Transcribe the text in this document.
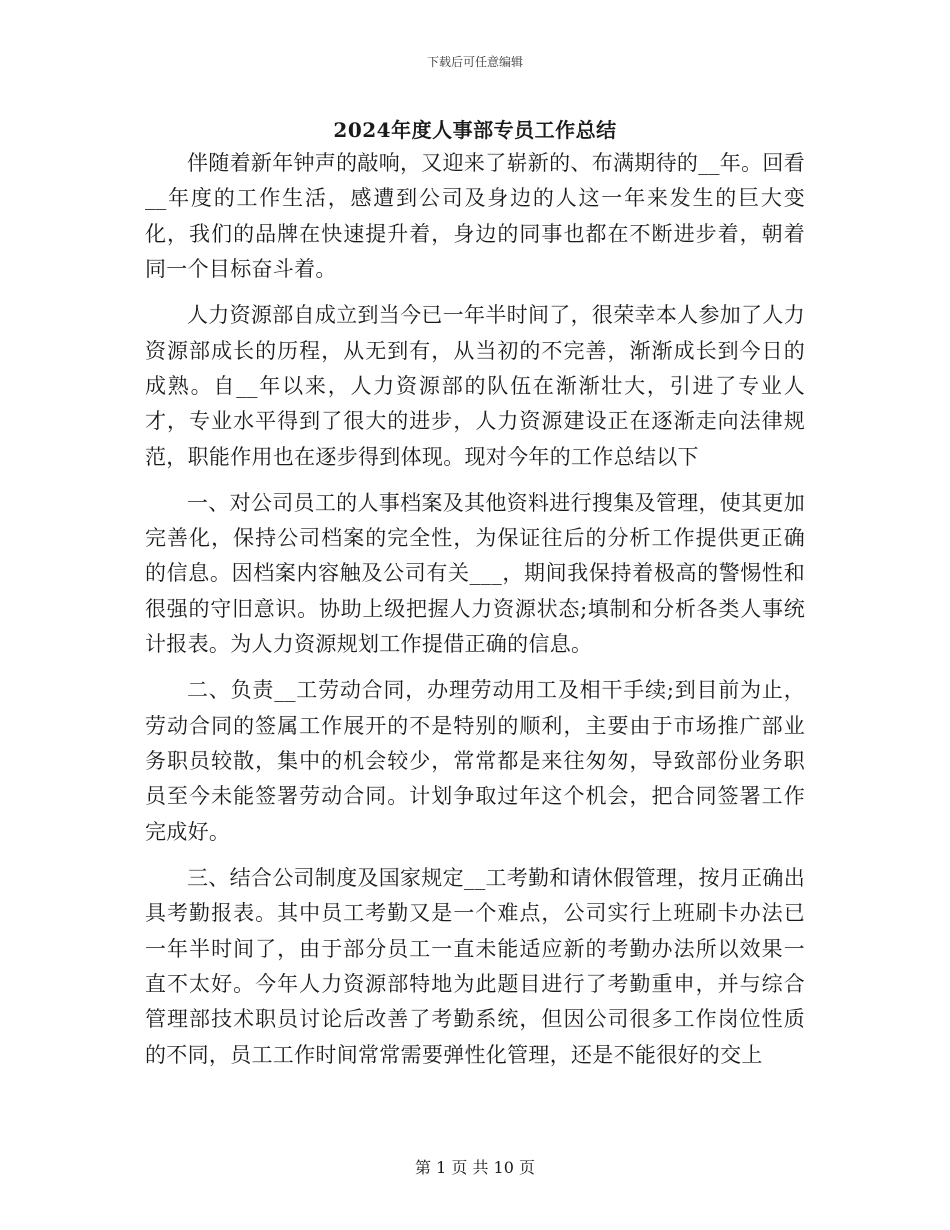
下载后可任意编辑
2024年度人事部专员工作总结

伴随着新年钟声的敲响，又迎来了崭新的、布满期待的__年。回看__年度的工作生活，感遭到公司及身边的人这一年来发生的巨大变化，我们的品牌在快速提升着，身边的同事也都在不断进步着，朝着同一个目标奋斗着。

人力资源部自成立到当今已一年半时间了，很荣幸本人参加了人力资源部成长的历程，从无到有，从当初的不完善，渐渐成长到今日的成熟。自__年以来，人力资源部的队伍在渐渐壮大，引进了专业人才，专业水平得到了很大的进步，人力资源建设正在逐渐走向法律规范，职能作用也在逐步得到体现。现对今年的工作总结以下

一、对公司员工的人事档案及其他资料进行搜集及管理，使其更加完善化，保持公司档案的完全性，为保证往后的分析工作提供更正确的信息。因档案内容触及公司有关___，期间我保持着极高的警惕性和很强的守旧意识。协助上级把握人力资源状态;填制和分析各类人事统计报表。为人力资源规划工作提借正确的信息。

二、负责__工劳动合同，办理劳动用工及相干手续;到目前为止，劳动合同的签属工作展开的不是特别的顺利，主要由于市场推广部业务职员较散，集中的机会较少，常常都是来往匆匆，导致部份业务职员至今未能签署劳动合同。计划争取过年这个机会，把合同签署工作完成好。

三、结合公司制度及国家规定__工考勤和请休假管理，按月正确出具考勤报表。其中员工考勤又是一个难点，公司实行上班刷卡办法已一年半时间了，由于部分员工一直未能适应新的考勤办法所以效果一直不太好。今年人力资源部特地为此题目进行了考勤重申，并与综合管理部技术职员讨论后改善了考勤系统，但因公司很多工作岗位性质的不同，员工工作时间常常需要弹性化管理，还是不能很好的交上

第 1 页 共 10 页
